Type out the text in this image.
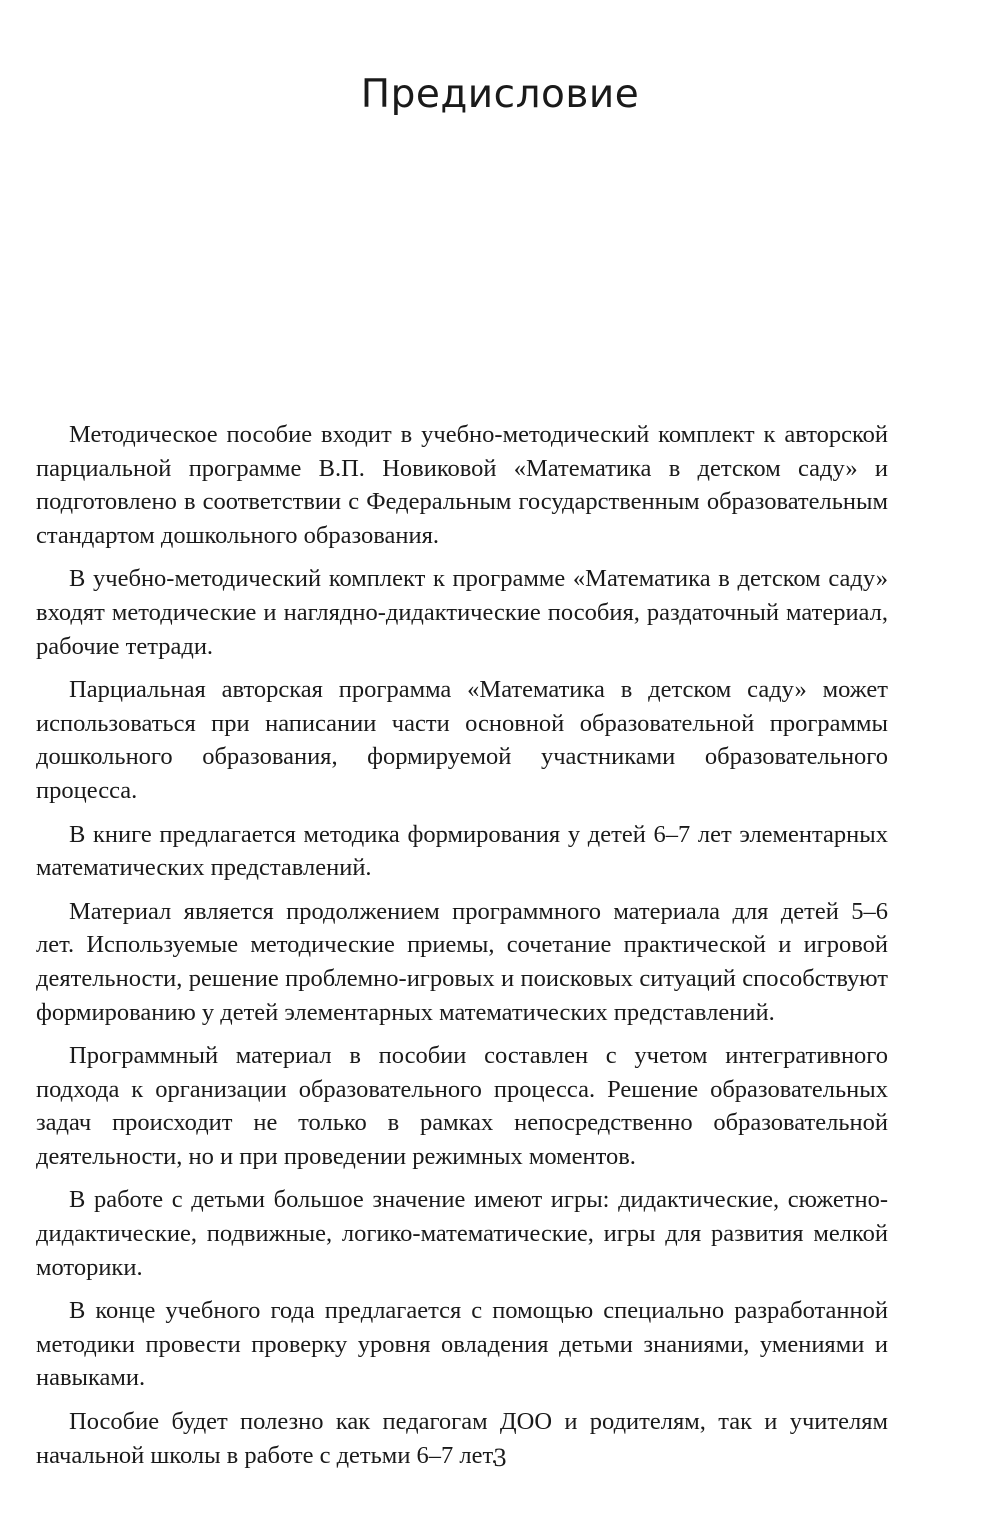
Предисловие

Методическое пособие входит в учебно-методический комплект к авторской парциальной программе В.П. Новиковой «Математика в детском саду» и подготовлено в соответствии с Федеральным государственным образовательным стандартом дошкольного образования.

В учебно-методический комплект к программе «Математика в детском саду» входят методические и наглядно-дидактические пособия, раздаточный материал, рабочие тетради.

Парциальная авторская программа «Математика в детском саду» может использоваться при написании части основной образовательной программы дошкольного образования, формируемой участниками образовательного процесса.

В книге предлагается методика формирования у детей 6–7 лет элементарных математических представлений.

Материал является продолжением программного материала для детей 5–6 лет. Используемые методические приемы, сочетание практической и игровой деятельности, решение проблемно-игровых и поисковых ситуаций способствуют формированию у детей элементарных математических представлений.

Программный материал в пособии составлен с учетом интегративного подхода к организации образовательного процесса. Решение образовательных задач происходит не только в рамках непосредственно образовательной деятельности, но и при проведении режимных моментов.

В работе с детьми большое значение имеют игры: дидактические, сюжетно-дидактические, подвижные, логико-математические, игры для развития мелкой моторики.

В конце учебного года предлагается с помощью специально разработанной методики провести проверку уровня овладения детьми знаниями, умениями и навыками.

Пособие будет полезно как педагогам ДОО и родителям, так и учителям начальной школы в работе с детьми 6–7 лет.

3
